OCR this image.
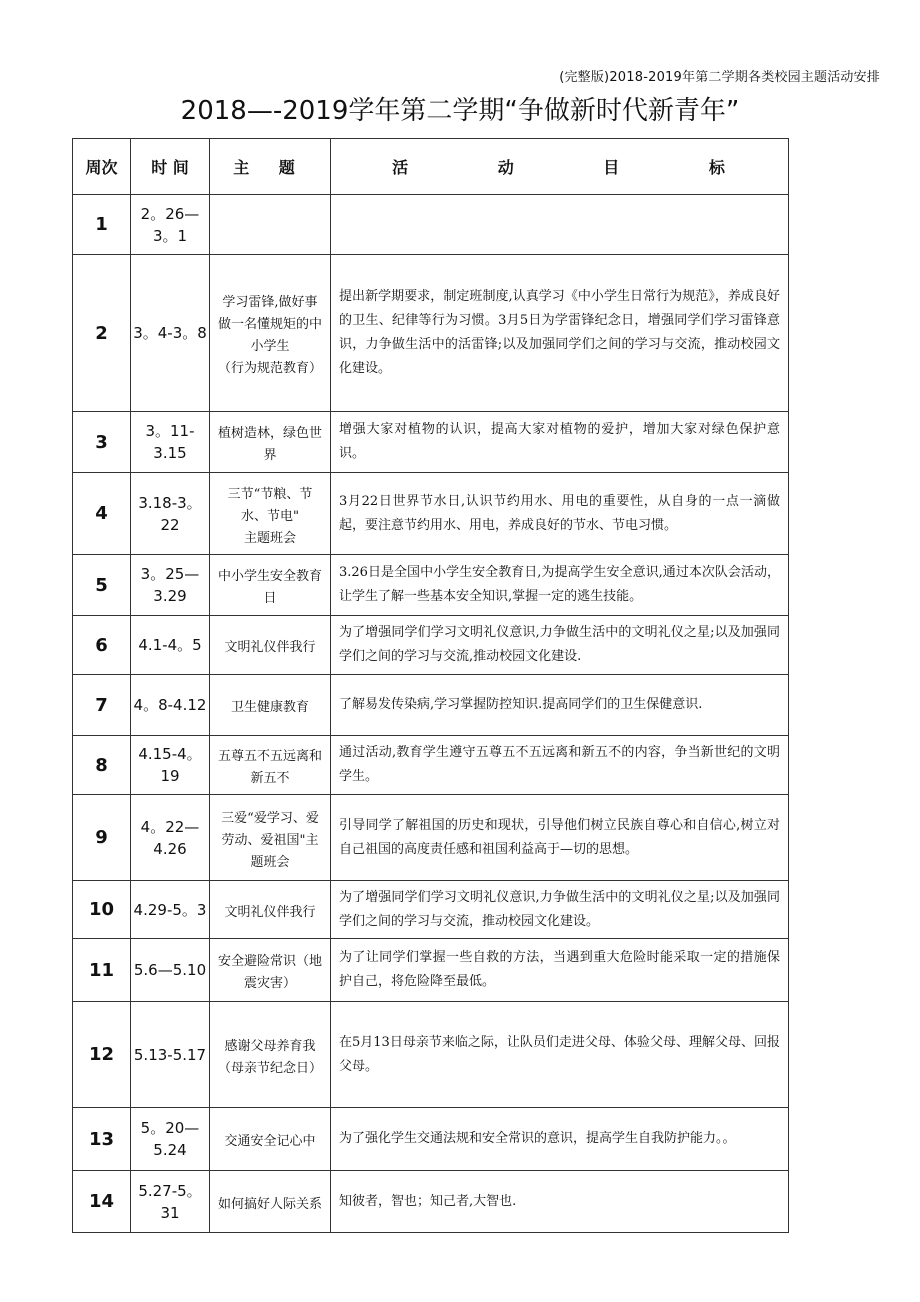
(完整版)2018-2019年第二学期各类校园主题活动安排
2018—-2019学年第二学期“争做新时代新青年”
周次	时 间	主 题	活 动 目 标
1	2。26—3。1		
2	3。4-3。8	学习雷锋,做好事
做一名懂规矩的中小学生
（行为规范教育）	提出新学期要求，制定班制度,认真学习《中小学生日常行为规范》，养成良好的卫生、纪律等行为习惯。3月5日为学雷锋纪念日，增强同学们学习雷锋意识，力争做生活中的活雷锋;以及加强同学们之间的学习与交流，推动校园文化建设。
3	3。11-3.15	植树造林，绿色世界	增强大家对植物的认识，提高大家对植物的爱护，增加大家对绿色保护意识。
4	3.18-3。22	三节“节粮、节水、节电"
主题班会	3月22日世界节水日,认识节约用水、用电的重要性，从自身的一点一滴做起，要注意节约用水、用电，养成良好的节水、节电习惯。
5	3。25—3.29	中小学生安全教育日	3.26日是全国中小学生安全教育日,为提高学生安全意识,通过本次队会活动，让学生了解一些基本安全知识,掌握一定的逃生技能。
6	4.1-4。5	文明礼仪伴我行	为了增强同学们学习文明礼仪意识,力争做生活中的文明礼仪之星;以及加强同学们之间的学习与交流,推动校园文化建设.
7	4。8-4.12	卫生健康教育	了解易发传染病,学习掌握防控知识.提高同学们的卫生保健意识.
8	4.15-4。19	五尊五不五远离和新五不	通过活动,教育学生遵守五尊五不五远离和新五不的内容，争当新世纪的文明学生。
9	4。22—4.26	三爱“爱学习、爱劳动、爱祖国"主题班会	引导同学了解祖国的历史和现状，引导他们树立民族自尊心和自信心,树立对自己祖国的高度责任感和祖国利益高于—切的思想。
10	4.29-5。3	文明礼仪伴我行	为了增强同学们学习文明礼仪意识,力争做生活中的文明礼仪之星;以及加强同学们之间的学习与交流，推动校园文化建设。
11	5.6—5.10	安全避险常识（地震灾害）	为了让同学们掌握一些自救的方法，当遇到重大危险时能采取一定的措施保护自己，将危险降至最低。
12	5.13-5.17	感谢父母养育我
（母亲节纪念日）	在5月13日母亲节来临之际，让队员们走进父母、体验父母、理解父母、回报父母。
13	5。20—5.24	交通安全记心中	为了强化学生交通法规和安全常识的意识，提高学生自我防护能力。。
14	5.27-5。31	如何搞好人际关系	知彼者，智也；知己者,大智也.
